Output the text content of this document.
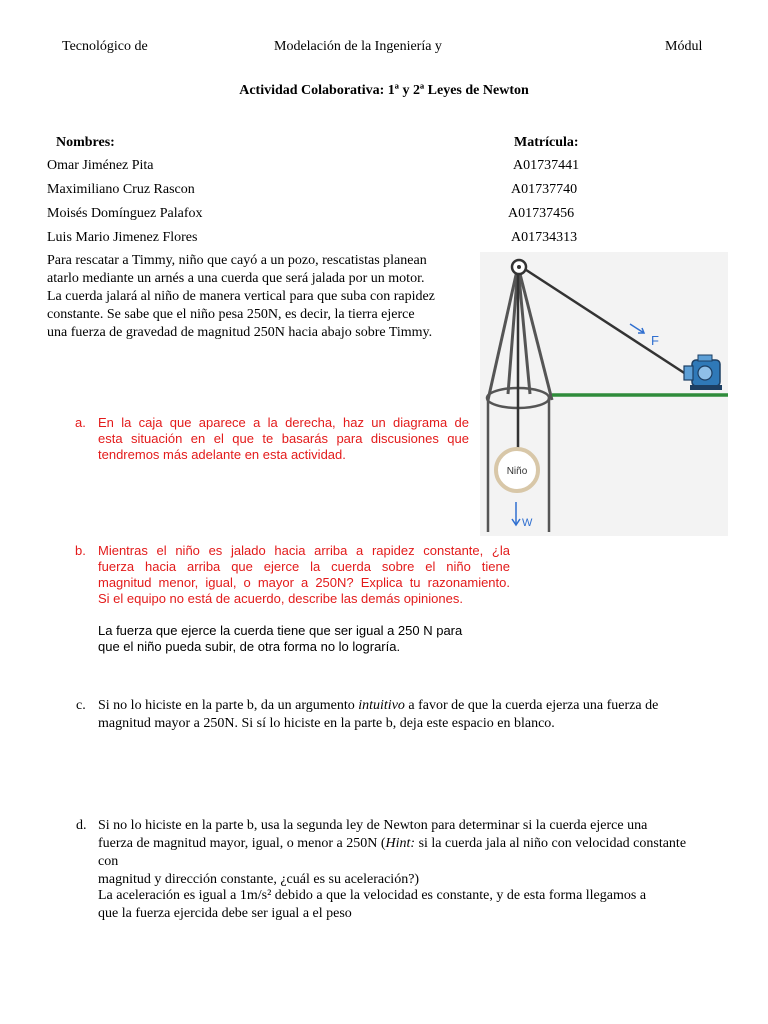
Tecnológico de	Modelación de la Ingeniería y	Módul
Actividad Colaborativa: 1ª y 2ª Leyes de Newton
Nombres:	Matrícula:
Omar Jiménez Pita	A01737441
Maximiliano Cruz Rascon	A01737740
Moisés Domínguez Palafox	A01737456
Luis Mario Jimenez Flores	A01734313
Para rescatar a Timmy, niño que cayó a un pozo, rescatistas planean
atarlo mediante un arnés a una cuerda que será jalada por un motor.
La cuerda jalará al niño de manera vertical para que suba con rapidez
constante. Se sabe que el niño pesa 250N, es decir, la tierra ejerce
una fuerza de gravedad de magnitud 250N hacia abajo sobre Timmy.
F
Niño
W
a. En la caja que aparece a la derecha, haz un diagrama de
esta situación en el que te basarás para discusiones que
tendremos más adelante en esta actividad.
b. Mientras el niño es jalado hacia arriba a rapidez constante, ¿la
fuerza hacia arriba que ejerce la cuerda sobre el niño tiene
magnitud menor, igual, o mayor a 250N? Explica tu razonamiento.
Si el equipo no está de acuerdo, describe las demás opiniones.
La fuerza que ejerce la cuerda tiene que ser igual a 250 N para
que el niño pueda subir, de otra forma no lo lograría.
c. Si no lo hiciste en la parte b, da un argumento intuitivo a favor de que la cuerda ejerza una fuerza de
magnitud mayor a 250N. Si sí lo hiciste en la parte b, deja este espacio en blanco.
d. Si no lo hiciste en la parte b, usa la segunda ley de Newton para determinar si la cuerda ejerce una
fuerza de magnitud mayor, igual, o menor a 250N (Hint: si la cuerda jala al niño con velocidad constante con
magnitud y dirección constante, ¿cuál es su aceleración?)
La aceleración es igual a 1m/s² debido a que la velocidad es constante, y de esta forma llegamos a
que la fuerza ejercida debe ser igual a el peso
